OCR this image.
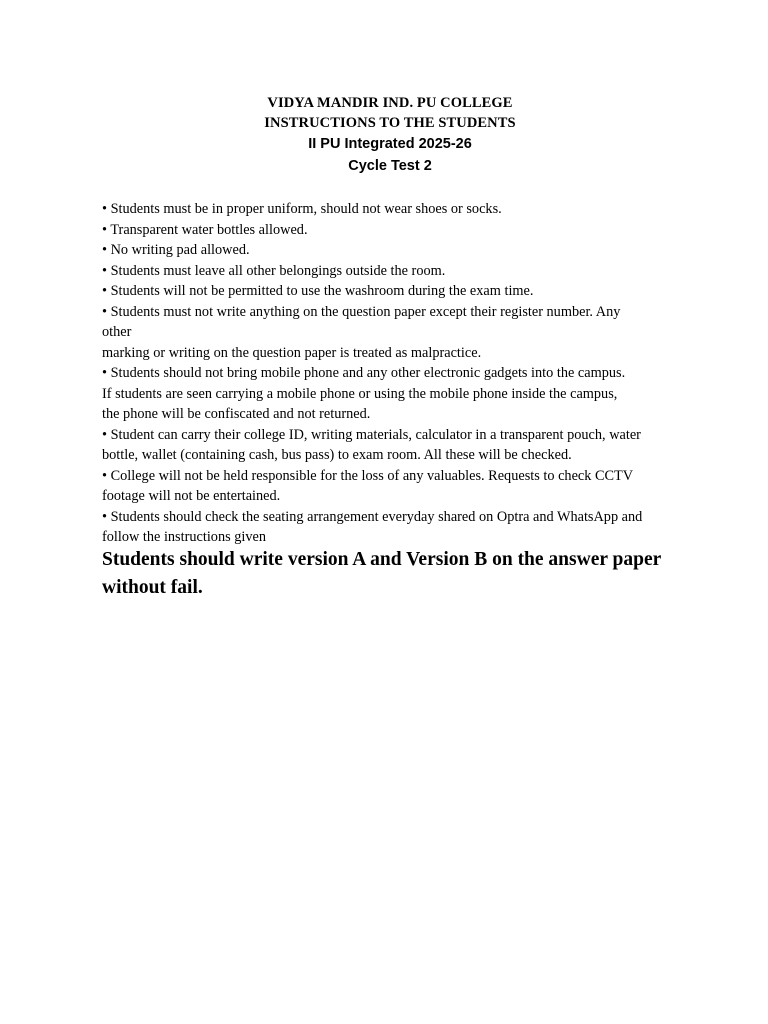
VIDYA MANDIR IND. PU COLLEGE
INSTRUCTIONS TO THE STUDENTS
II PU Integrated 2025-26
Cycle Test 2
• Students must be in proper uniform, should not wear shoes or socks.
• Transparent water bottles allowed.
• No writing pad allowed.
• Students must leave all other belongings outside the room.
• Students will not be permitted to use the washroom during the exam time.
• Students must not write anything on the question paper except their register number. Any
other
marking or writing on the question paper is treated as malpractice.
• Students should not bring mobile phone and any other electronic gadgets into the campus.
If students are seen carrying a mobile phone or using the mobile phone inside the campus,
the phone will be confiscated and not returned.
• Student can carry their college ID, writing materials, calculator in a transparent pouch, water
bottle, wallet (containing cash, bus pass) to exam room. All these will be checked.
• College will not be held responsible for the loss of any valuables. Requests to check CCTV
footage will not be entertained.
• Students should check the seating arrangement everyday shared on Optra and WhatsApp and
follow the instructions given
Students should write version A and Version B on the answer paper
without fail.
